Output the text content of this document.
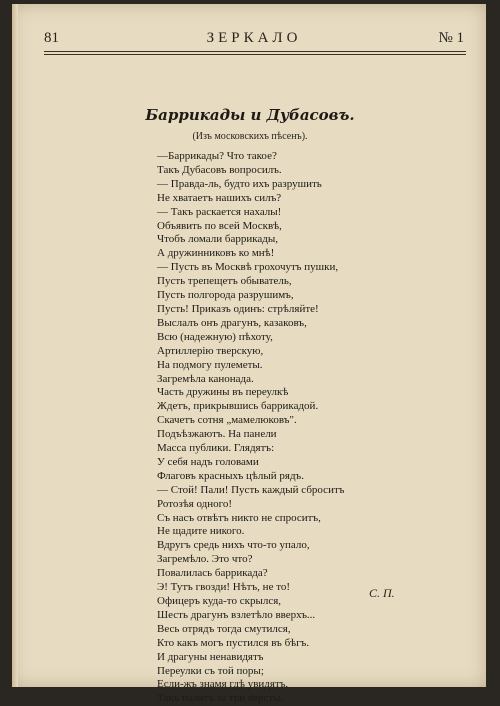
81	ЗЕРКАЛО	№ 1
Баррикады и Дубасовъ.
(Изъ московскихъ пѣсенъ).
—Баррикады? Что такое?
Такъ Дубасовъ вопросилъ.
— Правда-ль, будто ихъ разрушить
Не хватаетъ нашихъ силъ?
— Такъ раскается нахалы!
Объявить по всей Москвѣ,
Чтобъ ломали баррикады,
А дружинниковъ ко мнѣ!
— Пусть въ Москвѣ грохочутъ пушки,
Пусть трепещетъ обыватель,
Пусть полгорода разрушимъ,
Пусть! Приказъ одинъ: стрѣляйте!
Выслалъ онъ драгунъ, казаковъ,
Всю (надежную) пѣхоту,
Артиллерію тверскую,
На подмогу пулеметы.
Загремѣла канонада.
Часть дружины въ переулкѣ
Ждетъ, прикрывшись баррикадой.
Скачетъ сотня „мамелюковъ".
Подъѣзжаютъ. На панели
Масса публики. Глядятъ:
У себя надъ головами
Флаговъ красныхъ цѣлый рядъ.
— Стой! Пали! Пусть каждый сброситъ
Ротозѣя одного!
Съ насъ отвѣтъ никто не спроситъ,
Не щадите никого.
Вдругъ средь нихъ что-то упало,
Загремѣло. Это что?
Повалилась баррикада?
Э! Тутъ гвозди! Нѣтъ, не то!
Офицеръ куда-то скрылся,
Шесть драгунъ взлетѣло вверхъ...
Весь отрядъ тогда смутился,
Кто какъ могъ пустился въ бѣгъ.
И драгуны ненавидятъ
Переулки съ той поры;
Если-жъ знамя гдѣ увидятъ,
Такъ палятъ за три версты.
С. П.
